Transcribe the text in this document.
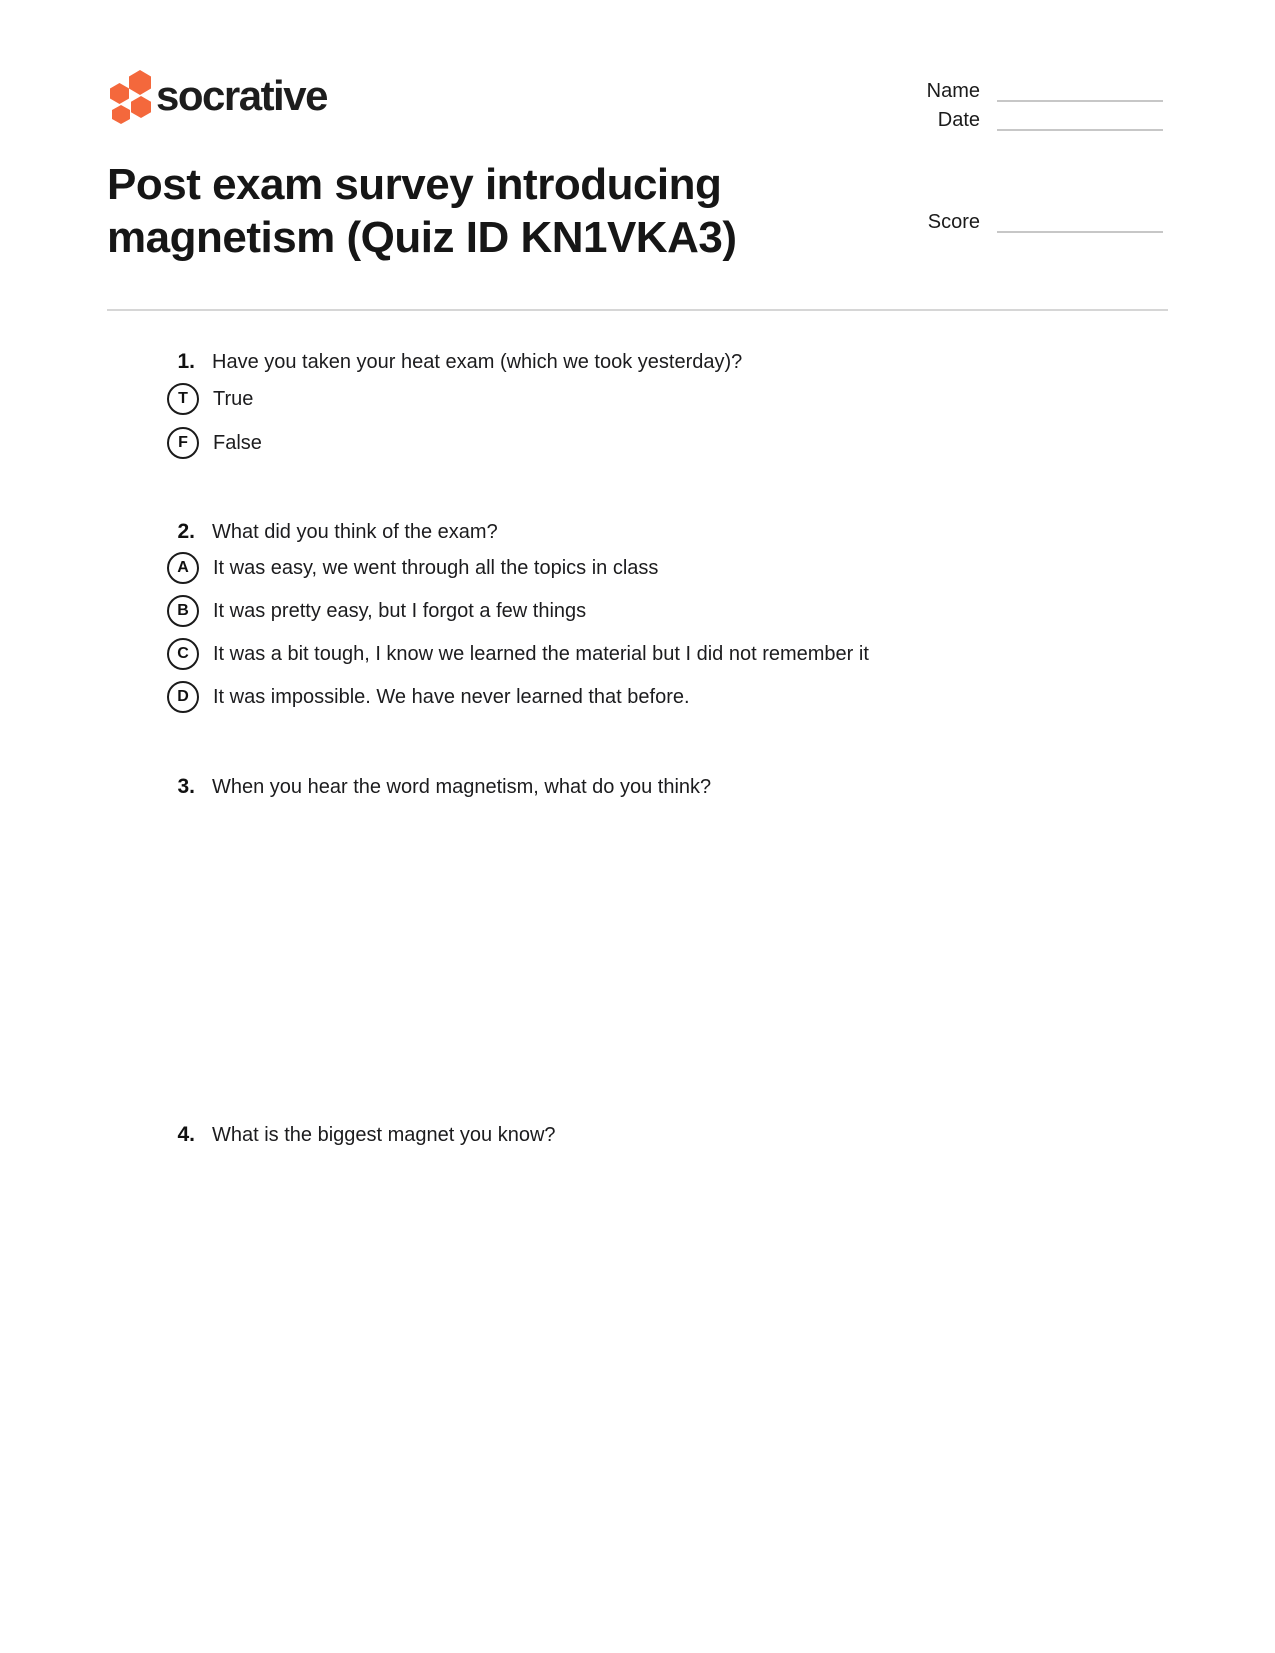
socrative	Name
Date
Score
Post exam survey introducing magnetism (Quiz ID KN1VKA3)
1. Have you taken your heat exam (which we took yesterday)?
T True
F False
2. What did you think of the exam?
A It was easy, we went through all the topics in class
B It was pretty easy, but I forgot a few things
C It was a bit tough, I know we learned the material but I did not remember it
D It was impossible. We have never learned that before.
3. When you hear the word magnetism, what do you think?
4. What is the biggest magnet you know?
